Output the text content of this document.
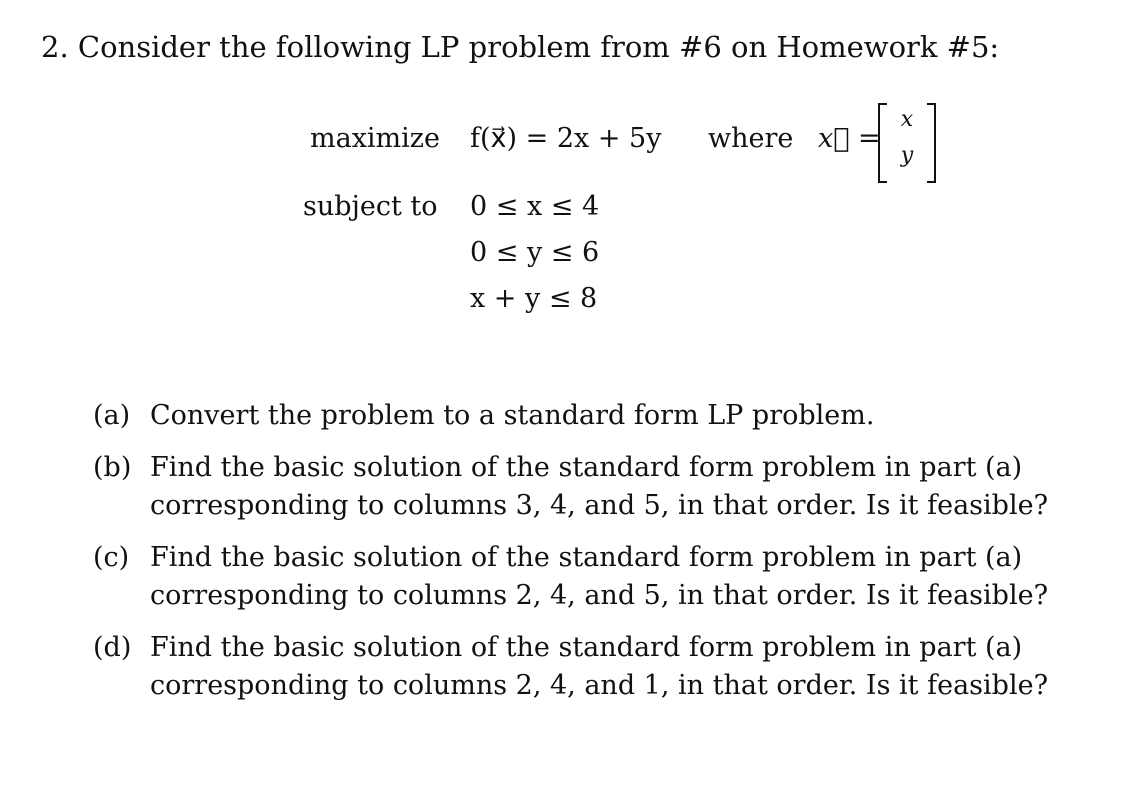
2. Consider the following LP problem from #6 on Homework #5:
maximize f(x⃗) = 2x + 5y where x⃗ =
x
y
subject to 0 ≤ x ≤ 4
0 ≤ y ≤ 6
x + y ≤ 8
(a) Convert the problem to a standard form LP problem.
(b) Find the basic solution of the standard form problem in part (a)
corresponding to columns 3, 4, and 5, in that order. Is it feasible?
(c) Find the basic solution of the standard form problem in part (a)
corresponding to columns 2, 4, and 5, in that order. Is it feasible?
(d) Find the basic solution of the standard form problem in part (a)
corresponding to columns 2, 4, and 1, in that order. Is it feasible?
